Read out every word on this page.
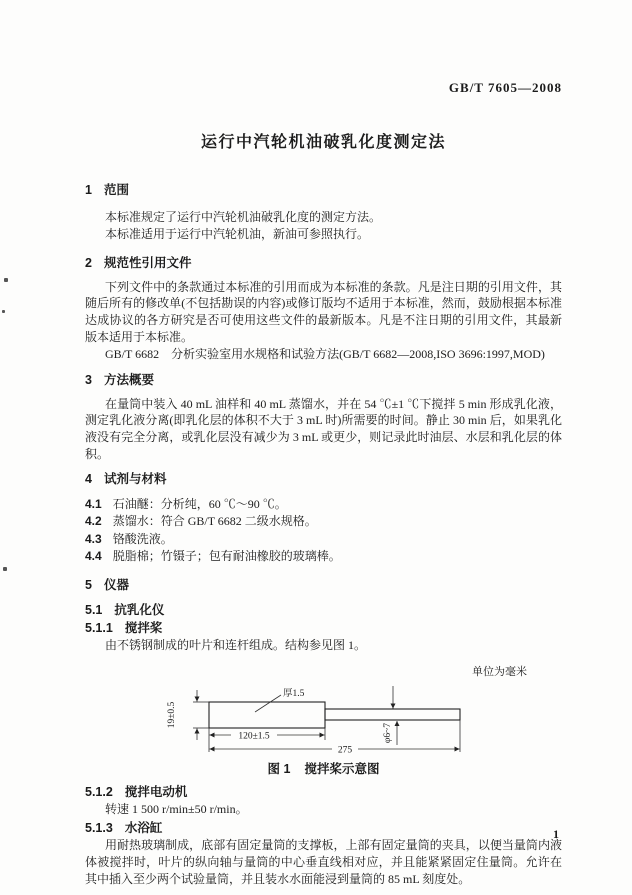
GB/T 7605—2008
运行中汽轮机油破乳化度测定法
1 范围

本标准规定了运行中汽轮机油破乳化度的测定方法。

本标准适用于运行中汽轮机油，新油可参照执行。

2 规范性引用文件

下列文件中的条款通过本标准的引用而成为本标准的条款。凡是注日期的引用文件，其随后所有的修改单(不包括勘误的内容)或修订版均不适用于本标准，然而，鼓励根据本标准达成协议的各方研究是否可使用这些文件的最新版本。凡是不注日期的引用文件，其最新版本适用于本标准。

GB/T 6682　分析实验室用水规格和试验方法(GB/T 6682—2008,ISO 3696:1997,MOD)

3 方法概要

在量筒中装入 40 mL 油样和 40 mL 蒸馏水，并在 54 ℃±1 ℃下搅拌 5 min 形成乳化液，测定乳化液分离(即乳化层的体积不大于 3 mL 时)所需要的时间。静止 30 min 后，如果乳化液没有完全分离，或乳化层没有减少为 3 mL 或更少，则记录此时油层、水层和乳化层的体积。

4 试剂与材料
4.1 石油醚：分析纯，60 ℃～90 ℃。
4.2 蒸馏水：符合 GB/T 6682 二级水规格。
4.3 铬酸洗液。
4.4 脱脂棉；竹镊子；包有耐油橡胶的玻璃棒。
5 仪器
5.1 抗乳化仪
5.1.1 搅拌桨

由不锈钢制成的叶片和连杆组成。结构参见图 1。

单位为毫米
厚1.5
19±0.5
120±1.5
275
φ6~7
图 1 搅拌桨示意图
5.1.2 搅拌电动机

转速 1 500 r/min±50 r/min。

5.1.3 水浴缸

用耐热玻璃制成，底部有固定量筒的支撑板，上部有固定量筒的夹具，以便当量筒内液体被搅拌时，叶片的纵向轴与量筒的中心垂直线相对应，并且能紧紧固定住量筒。允许在其中插入至少两个试验量筒，并且装水水面能浸到量筒的 85 mL 刻度处。

1
